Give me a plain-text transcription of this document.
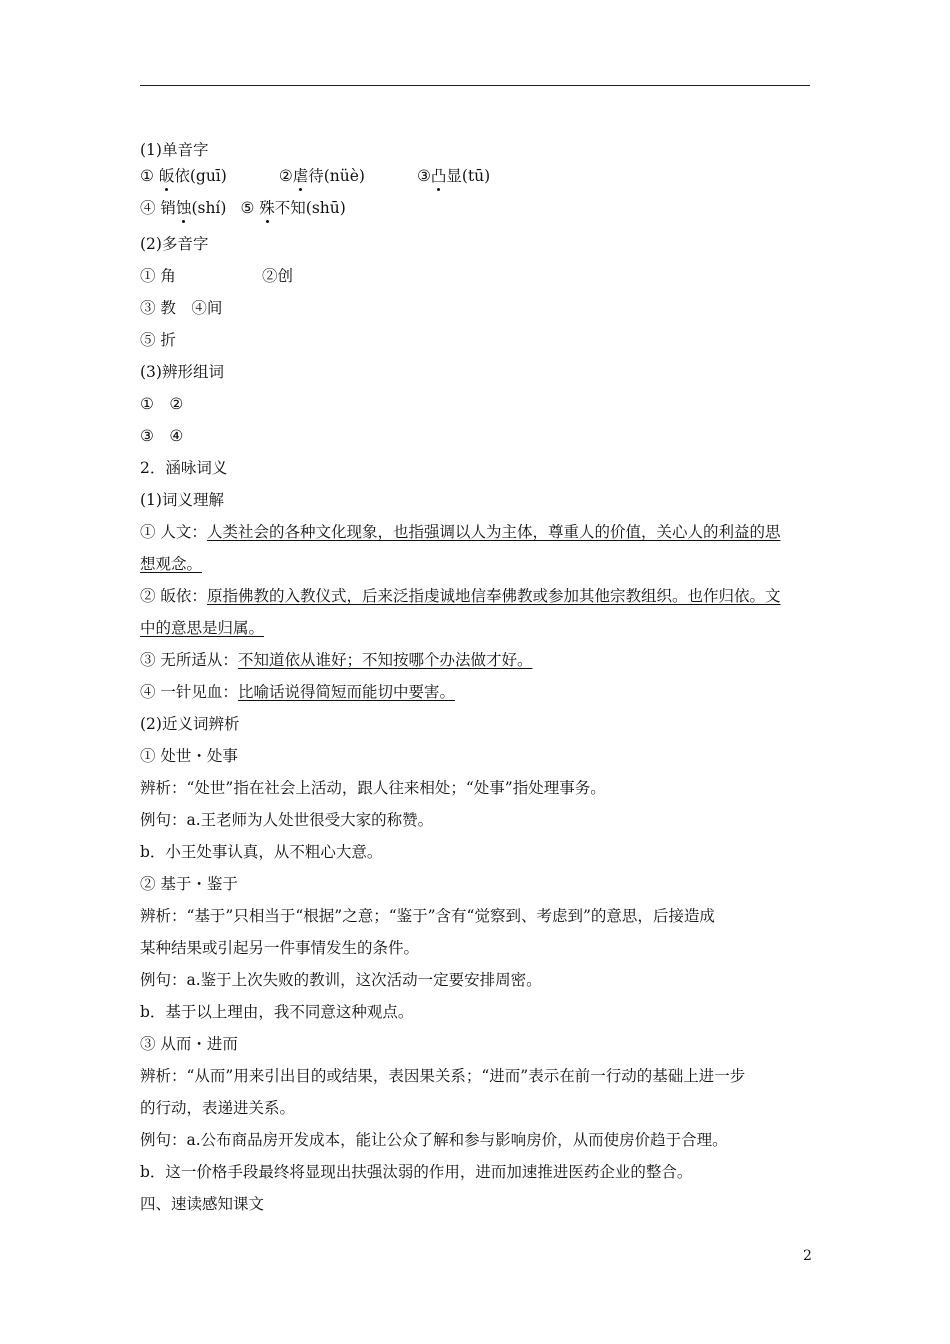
(1)单音字
① 皈依(guī)	②虐待(nüè)	③凸显(tū)
④ 销蚀(shí) ⑤ 殊不知(shū)
(2)多音字
① 角	②创
③ 教　④间
⑤ 折
(3)辨形组词
①　②
③　④
2．涵咏词义
(1)词义理解
① 人文：人类社会的各种文化现象，也指强调以人为主体，尊重人的价值，关心人的利益的思
想观念。
② 皈依：原指佛教的入教仪式，后来泛指虔诚地信奉佛教或参加其他宗教组织。也作归依。文
中的意思是归属。
③ 无所适从：不知道依从谁好；不知按哪个办法做才好。
④ 一针见血：比喻话说得简短而能切中要害。
(2)近义词辨析
① 处世・处事
辨析：“处世”指在社会上活动，跟人往来相处；“处事”指处理事务。
例句：a.王老师为人处世很受大家的称赞。
b．小王处事认真，从不粗心大意。
② 基于・鉴于
辨析：“基于”只相当于“根据”之意；“鉴于”含有“觉察到、考虑到”的意思，后接造成
某种结果或引起另一件事情发生的条件。
例句：a.鉴于上次失败的教训，这次活动一定要安排周密。
b．基于以上理由，我不同意这种观点。
③ 从而・进而
辨析：“从而”用来引出目的或结果，表因果关系；“进而”表示在前一行动的基础上进一步
的行动，表递进关系。
例句：a.公布商品房开发成本，能让公众了解和参与影响房价，从而使房价趋于合理。
b．这一价格手段最终将显现出扶强汰弱的作用，进而加速推进医药企业的整合。
四、速读感知课文
2
